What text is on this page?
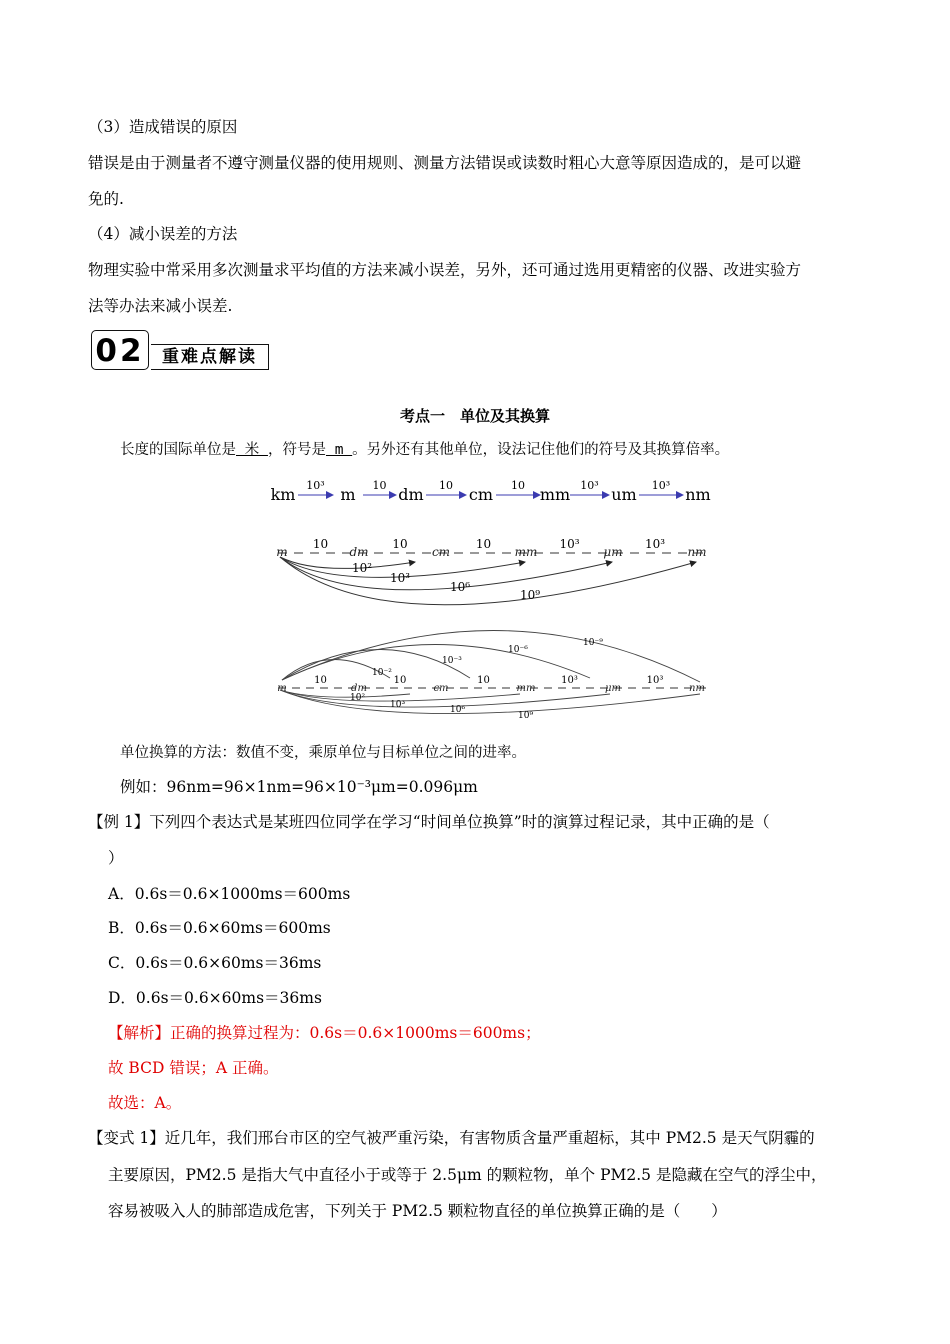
（3）造成错误的原因
错误是由于测量者不遵守测量仪器的使用规则、测量方法错误或读数时粗心大意等原因造成的，是可以避
免的.
（4）减小误差的方法
物理实验中常采用多次测量求平均值的方法来减小误差，另外，还可通过选用更精密的仪器、改进实验方
法等办法来减小误差.
02	重难点解读
考点一　单位及其换算
长度的国际单位是 米 ，符号是 m 。另外还有其他单位，设法记住他们的符号及其换算倍率。
km	m	dm	cm	mm	um	nm
10³	10	10	10	10³	10³
m	dm	cm	mm	μm	nm
10	10	10	10³	10³
10²
10³
10⁶
10⁹
m	dm	cm	mm	μm	nm
10	10	10	10³	10³
10⁻²
10⁻³
10⁻⁶
10⁻⁹
10²
10³	10⁶
10⁹
单位换算的方法：数值不变，乘原单位与目标单位之间的进率。
例如：96nm=96×1nm=96×10⁻³μm=0.096μm
【例 1】下列四个表达式是某班四位同学在学习“时间单位换算”时的演算过程记录，其中正确的是（
）
A．0.6s＝0.6×1000ms＝600ms
B．0.6s＝0.6×60ms＝600ms
C．0.6s＝0.6×60ms＝36ms
D．0.6s＝0.6×60ms＝36ms
【解析】正确的换算过程为：0.6s＝0.6×1000ms＝600ms；
故 BCD 错误；A 正确。
故选：A。
【变式 1】近几年，我们邢台市区的空气被严重污染，有害物质含量严重超标，其中 PM2.5 是天气阴霾的
主要原因，PM2.5 是指大气中直径小于或等于 2.5μm 的颗粒物，单个 PM2.5 是隐藏在空气的浮尘中，
容易被吸入人的肺部造成危害，下列关于 PM2.5 颗粒物直径的单位换算正确的是（　　）
